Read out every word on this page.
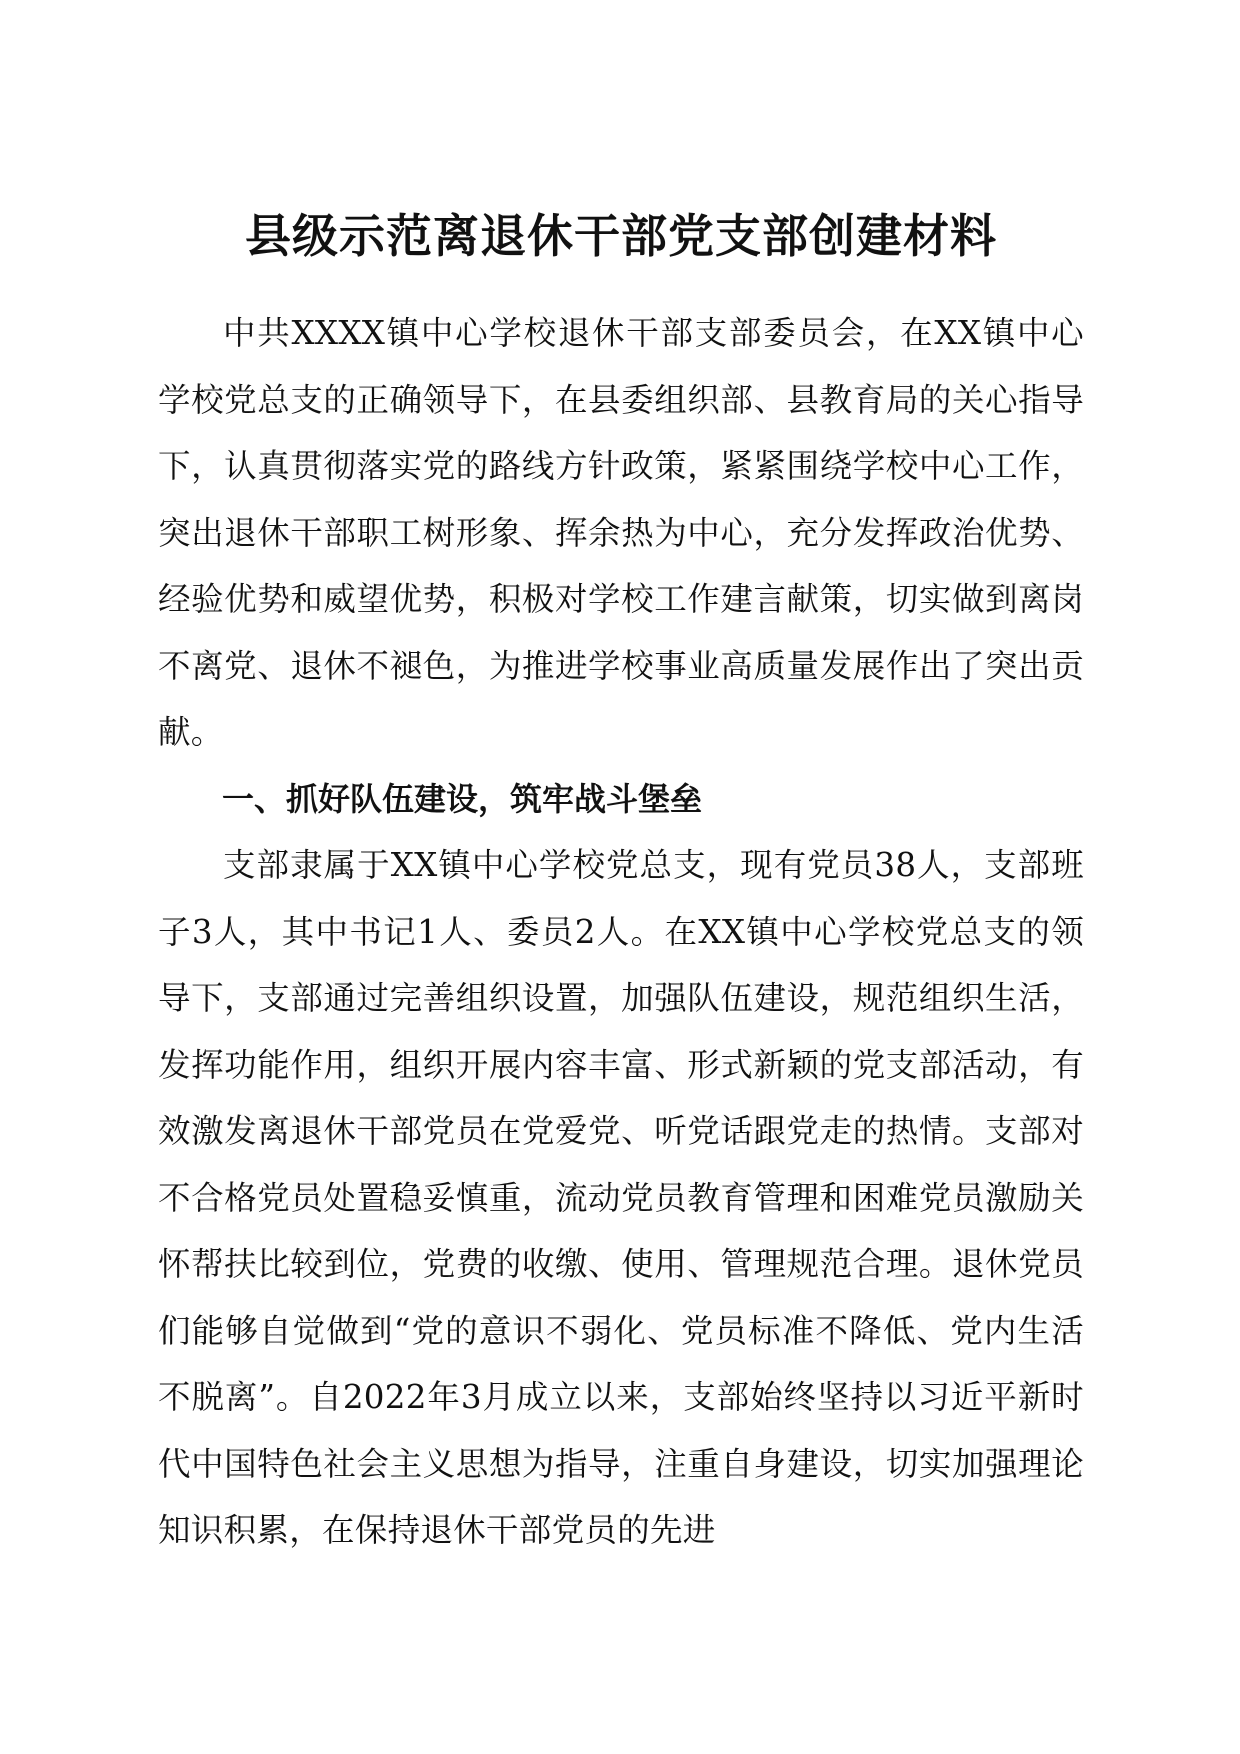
县级示范离退休干部党支部创建材料

中共XXXX镇中心学校退休干部支部委员会，在XX镇中心学校党总支的正确领导下，在县委组织部、县教育局的关心指导下，认真贯彻落实党的路线方针政策，紧紧围绕学校中心工作，突出退休干部职工树形象、挥余热为中心，充分发挥政治优势、经验优势和威望优势，积极对学校工作建言献策，切实做到离岗不离党、退休不褪色，为推进学校事业高质量发展作出了突出贡献。

一、抓好队伍建设，筑牢战斗堡垒

支部隶属于XX镇中心学校党总支，现有党员38人，支部班子3人，其中书记1人、委员2人。在XX镇中心学校党总支的领导下，支部通过完善组织设置，加强队伍建设，规范组织生活，发挥功能作用，组织开展内容丰富、形式新颖的党支部活动，有效激发离退休干部党员在党爱党、听党话跟党走的热情。支部对不合格党员处置稳妥慎重，流动党员教育管理和困难党员激励关怀帮扶比较到位，党费的收缴、使用、管理规范合理。退休党员们能够自觉做到“党的意识不弱化、党员标准不降低、党内生活不脱离”。自2022年3月成立以来，支部始终坚持以习近平新时代中国特色社会主义思想为指导，注重自身建设，切实加强理论知识积累，在保持退休干部党员的先进
